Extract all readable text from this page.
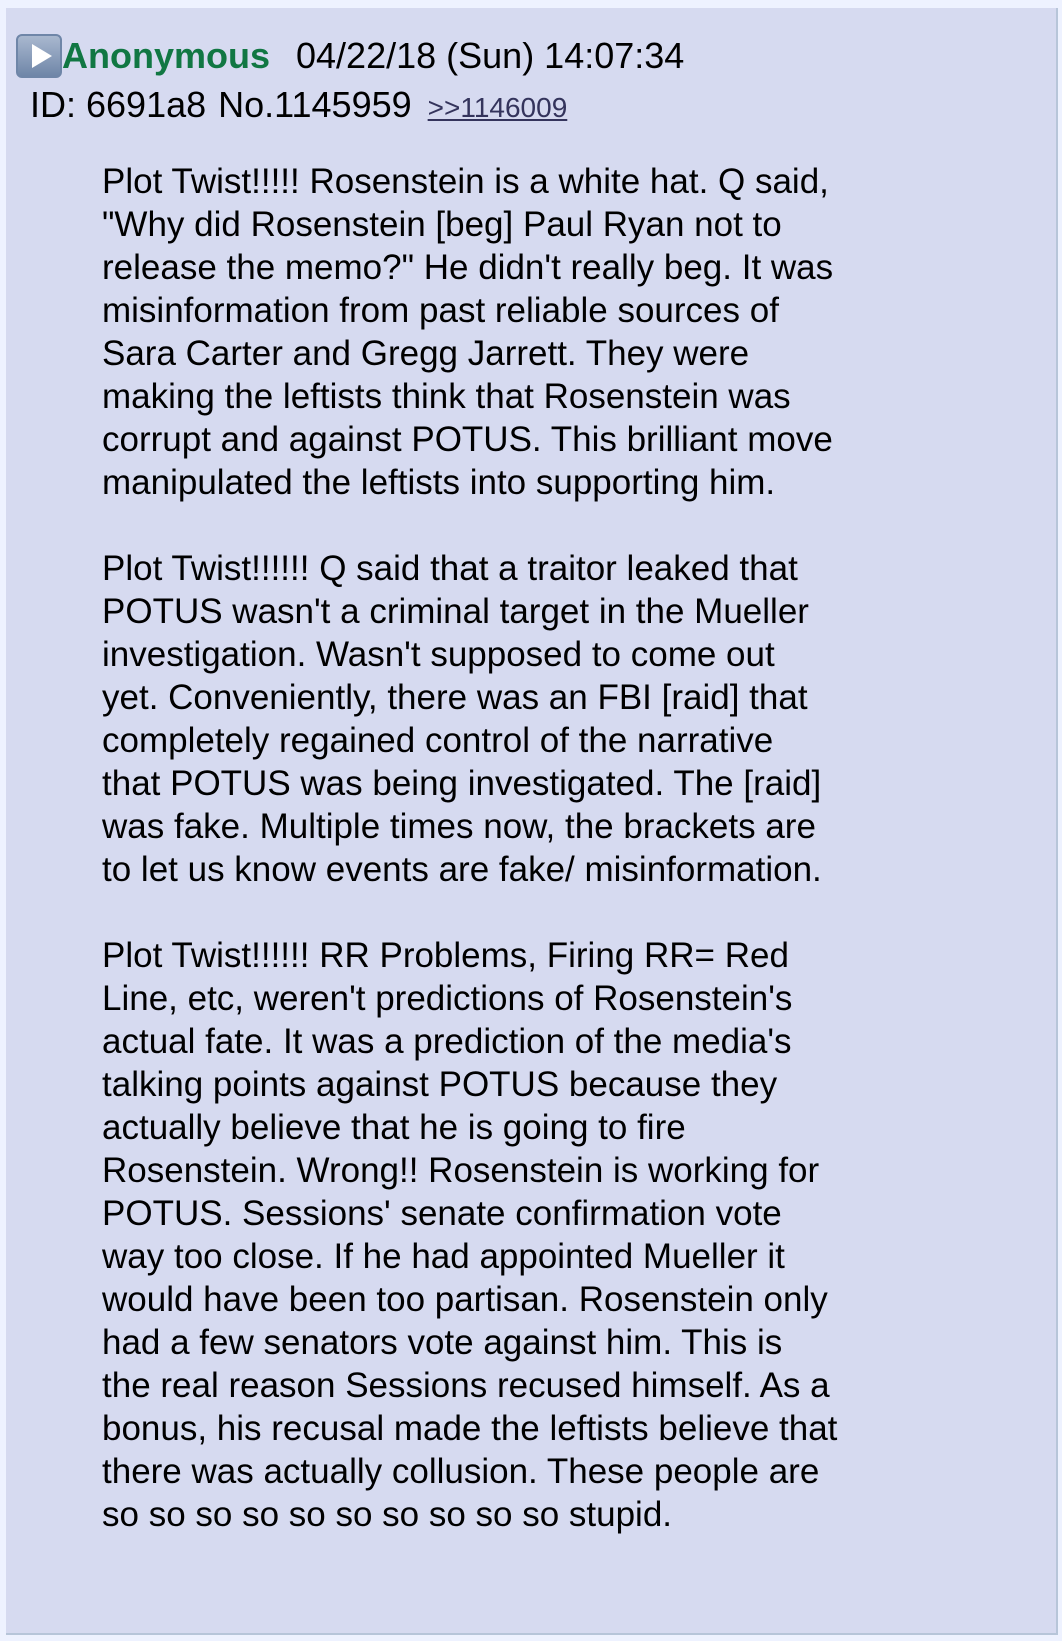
Anonymous 04/22/18 (Sun) 14:07:34
ID: 6691a8 No.1145959 >>1146009

Plot Twist!!!!! Rosenstein is a white hat. Q said,
"Why did Rosenstein [beg] Paul Ryan not to
release the memo?" He didn't really beg. It was
misinformation from past reliable sources of
Sara Carter and Gregg Jarrett. They were
making the leftists think that Rosenstein was
corrupt and against POTUS. This brilliant move
manipulated the leftists into supporting him.

Plot Twist!!!!!! Q said that a traitor leaked that
POTUS wasn't a criminal target in the Mueller
investigation. Wasn't supposed to come out
yet. Conveniently, there was an FBI [raid] that
completely regained control of the narrative
that POTUS was being investigated. The [raid]
was fake. Multiple times now, the brackets are
to let us know events are fake/ misinformation.

Plot Twist!!!!!! RR Problems, Firing RR= Red
Line, etc, weren't predictions of Rosenstein's
actual fate. It was a prediction of the media's
talking points against POTUS because they
actually believe that he is going to fire
Rosenstein. Wrong!! Rosenstein is working for
POTUS. Sessions' senate confirmation vote
way too close. If he had appointed Mueller it
would have been too partisan. Rosenstein only
had a few senators vote against him. This is
the real reason Sessions recused himself. As a
bonus, his recusal made the leftists believe that
there was actually collusion. These people are
so so so so so so so so so so stupid.
